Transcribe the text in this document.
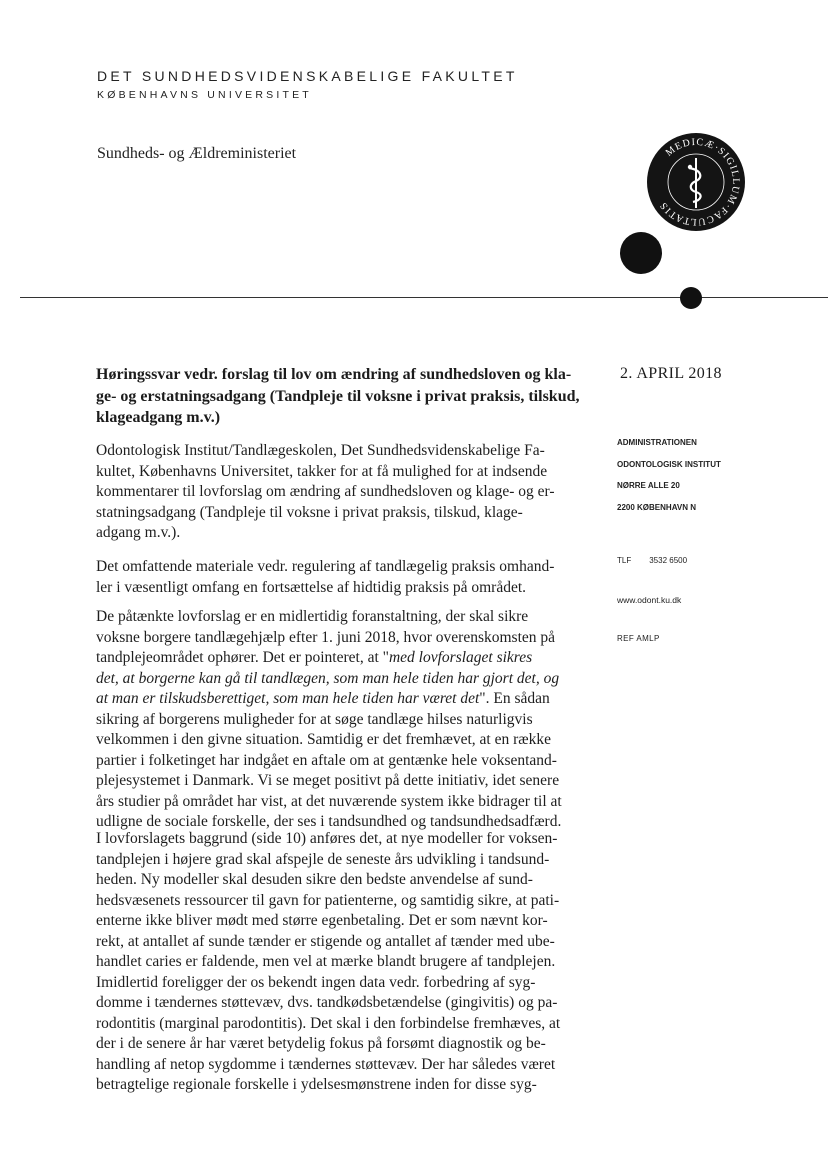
DET SUNDHEDSVIDENSKABELIGE FAKULTET
KØBENHAVNS UNIVERSITET
Sundheds- og Ældreministeriet	MEDICÆ·SIGILLUM·FACULTATIS
Høringssvar vedr. forslag til lov om ændring af sundhedsloven og kla-
ge- og erstatningsadgang (Tandpleje til voksne i privat praksis, tilskud,
klageadgang m.v.)
2. APRIL 2018
ADMINISTRATIONEN
ODONTOLOGISK INSTITUT
NØRRE ALLE 20
2200 KØBENHAVN N
TLF 3532 6500
www.odont.ku.dk
REF AMLP

Odontologisk Institut/Tandlægeskolen, Det Sundhedsvidenskabelige Fa-
kultet, Københavns Universitet, takker for at få mulighed for at indsende
kommentarer til lovforslag om ændring af sundhedsloven og klage- og er-
statningsadgang (Tandpleje til voksne i privat praksis, tilskud, klage-
adgang m.v.).

Det omfattende materiale vedr. regulering af tandlægelig praksis omhand-
ler i væsentligt omfang en fortsættelse af hidtidig praksis på området.

De påtænkte lovforslag er en midlertidig foranstaltning, der skal sikre
voksne borgere tandlægehjælp efter 1. juni 2018, hvor overenskomsten på
tandplejeområdet ophører. Det er pointeret, at "med lovforslaget sikres
det, at borgerne kan gå til tandlægen, som man hele tiden har gjort det, og
at man er tilskudsberettiget, som man hele tiden har været det". En sådan
sikring af borgerens muligheder for at søge tandlæge hilses naturligvis
velkommen i den givne situation. Samtidig er det fremhævet, at en række
partier i folketinget har indgået en aftale om at gentænke hele voksentand-
plejesystemet i Danmark. Vi se meget positivt på dette initiativ, idet senere
års studier på området har vist, at det nuværende system ikke bidrager til at
udligne de sociale forskelle, der ses i tandsundhed og tandsundhedsadfærd.

I lovforslagets baggrund (side 10) anføres det, at nye modeller for voksen-
tandplejen i højere grad skal afspejle de seneste års udvikling i tandsund-
heden. Ny modeller skal desuden sikre den bedste anvendelse af sund-
hedsvæsenets ressourcer til gavn for patienterne, og samtidig sikre, at pati-
enterne ikke bliver mødt med større egenbetaling. Det er som nævnt kor-
rekt, at antallet af sunde tænder er stigende og antallet af tænder med ube-
handlet caries er faldende, men vel at mærke blandt brugere af tandplejen.
Imidlertid foreligger der os bekendt ingen data vedr. forbedring af syg-
domme i tændernes støttevæv, dvs. tandkødsbetændelse (gingivitis) og pa-
rodontitis (marginal parodontitis). Det skal i den forbindelse fremhæves, at
der i de senere år har været betydelig fokus på forsømt diagnostik og be-
handling af netop sygdomme i tændernes støttevæv. Der har således været
betragtelige regionale forskelle i ydelsesmønstrene inden for disse syg-
